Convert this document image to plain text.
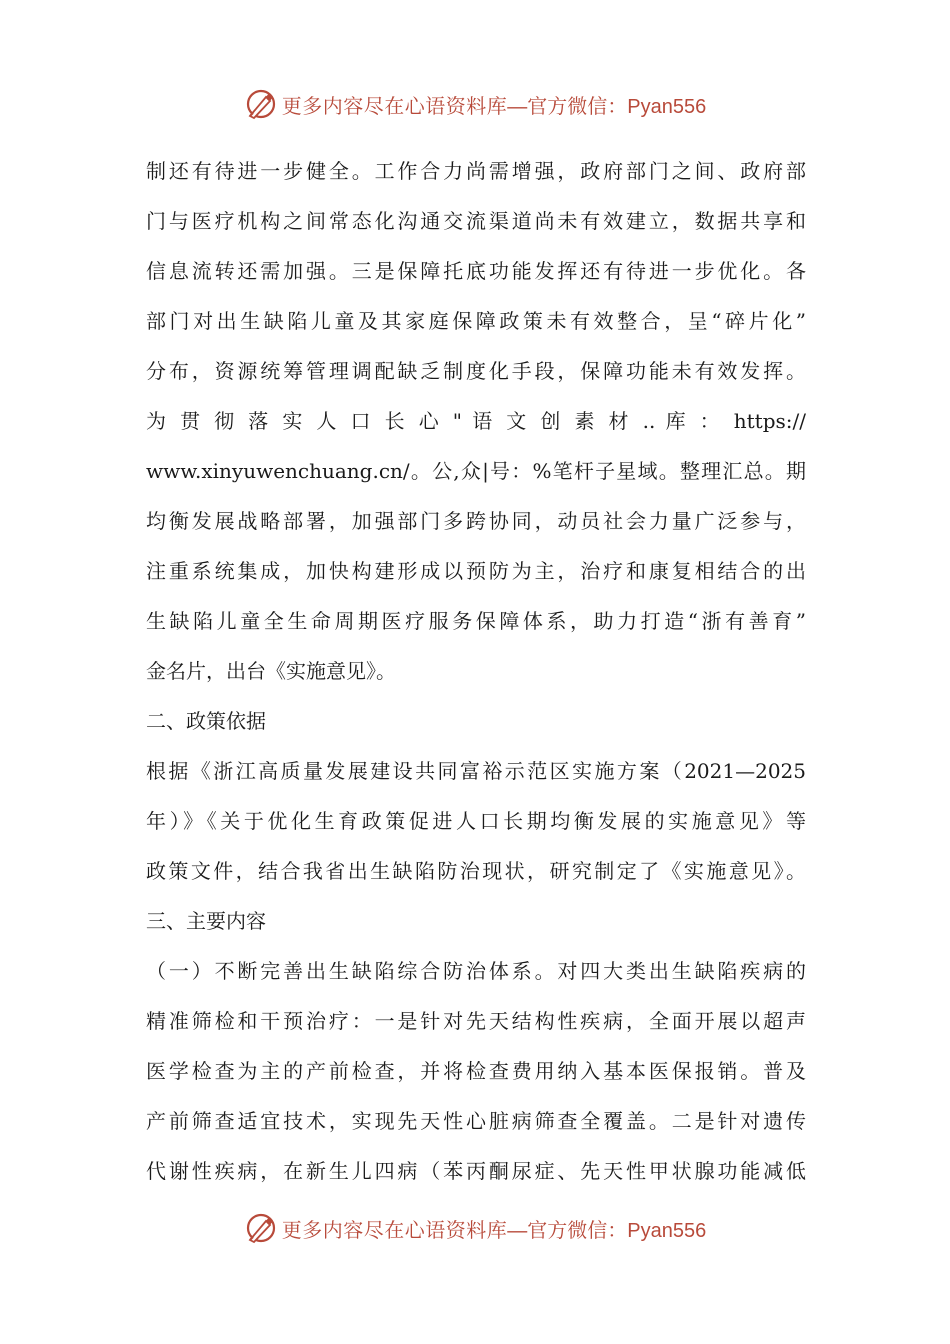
更多内容尽在心语资料库 —官方微信：Pyan556
制还有待进一步健全。工作合力尚需增强，政府部门之间、政府部
门与医疗机构之间常态化沟通交流渠道尚未有效建立，数据共享和
信息流转还需加强。三是保障托底功能发挥还有待进一步优化。各
部门对出生缺陷儿童及其家庭保障政策未有效整合，呈“碎片化”
分布，资源统筹管理调配缺乏制度化手段，保障功能未有效发挥。
为 贯 彻 落 实 人 口 长 心 " 语 文 创 素 材 .. 库 ： https://
www.xinyuwenchuang.cn/。公,众|号：%笔杆子星域。整理汇总。期
均衡发展战略部署，加强部门多跨协同，动员社会力量广泛参与，
注重系统集成，加快构建形成以预防为主，治疗和康复相结合的出
生缺陷儿童全生命周期医疗服务保障体系，助力打造“浙有善育”
金名片，出台《实施意见》。
二、政策依据
根据《浙江高质量发展建设共同富裕示范区实施方案（2021—2025
年）》《关于优化生育政策促进人口长期均衡发展的实施意见》等
政策文件，结合我省出生缺陷防治现状，研究制定了《实施意见》。
三、主要内容
（一）不断完善出生缺陷综合防治体系。对四大类出生缺陷疾病的
精准筛检和干预治疗：一是针对先天结构性疾病，全面开展以超声
医学检查为主的产前检查，并将检查费用纳入基本医保报销。普及
产前筛查适宜技术，实现先天性心脏病筛查全覆盖。二是针对遗传
代谢性疾病，在新生儿四病（苯丙酮尿症、先天性甲状腺功能减低
更多内容尽在心语资料库 —官方微信：Pyan556
